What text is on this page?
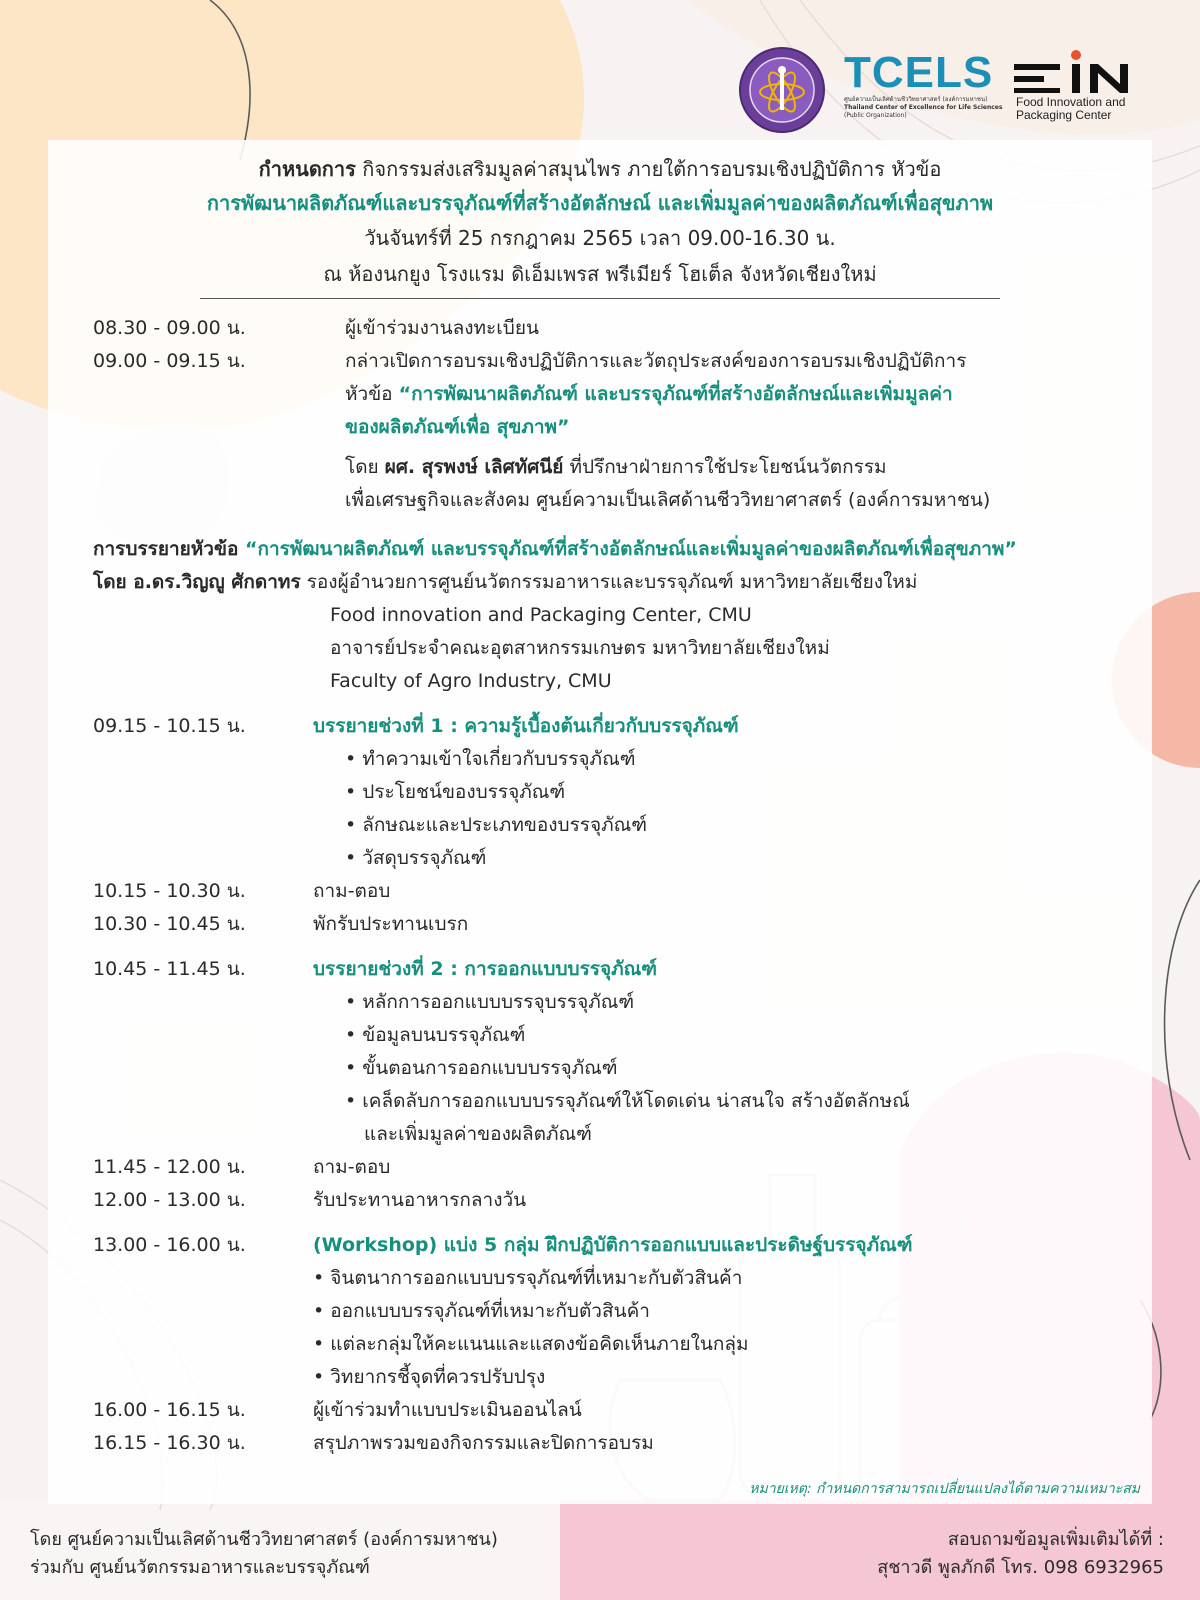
TCELS
ศูนย์ความเป็นเลิศด้านชีววิทยาศาสตร์ (องค์การมหาชน)
Thailand Center of Excellence for Life Sciences
(Public Organization)
Food Innovation and
Packaging Center
กำหนดการ กิจกรรมส่งเสริมมูลค่าสมุนไพร ภายใต้การอบรมเชิงปฏิบัติการ หัวข้อ
การพัฒนาผลิตภัณฑ์และบรรจุภัณฑ์ที่สร้างอัตลักษณ์ และเพิ่มมูลค่าของผลิตภัณฑ์เพื่อสุขภาพ
วันจันทร์ที่ 25 กรกฎาคม 2565 เวลา 09.00-16.30 น.
ณ ห้องนกยูง โรงแรม ดิเอ็มเพรส พรีเมียร์ โฮเต็ล จังหวัดเชียงใหม่
08.30 - 09.00 น.	ผู้เข้าร่วมงานลงทะเบียน
09.00 - 09.15 น.	กล่าวเปิดการอบรมเชิงปฏิบัติการและวัตถุประสงค์ของการอบรมเชิงปฏิบัติการ
หัวข้อ “การพัฒนาผลิตภัณฑ์ และบรรจุภัณฑ์ที่สร้างอัตลักษณ์และเพิ่มมูลค่า
ของผลิตภัณฑ์เพื่อ สุขภาพ”
โดย ผศ. สุรพงษ์ เลิศทัศนีย์ ที่ปรึกษาฝ่ายการใช้ประโยชน์นวัตกรรม
เพื่อเศรษฐกิจและสังคม ศูนย์ความเป็นเลิศด้านชีววิทยาศาสตร์ (องค์การมหาชน)
การบรรยายหัวข้อ “การพัฒนาผลิตภัณฑ์ และบรรจุภัณฑ์ที่สร้างอัตลักษณ์และเพิ่มมูลค่าของผลิตภัณฑ์เพื่อสุขภาพ”
โดย อ.ดร.วิญญู ศักดาทร รองผู้อำนวยการศูนย์นวัตกรรมอาหารและบรรจุภัณฑ์ มหาวิทยาลัยเชียงใหม่
Food innovation and Packaging Center, CMU
อาจารย์ประจำคณะอุตสาหกรรมเกษตร มหาวิทยาลัยเชียงใหม่
Faculty of Agro Industry, CMU
09.15 - 10.15 น.	บรรยายช่วงที่ 1 : ความรู้เบื้องต้นเกี่ยวกับบรรจุภัณฑ์
• ทำความเข้าใจเกี่ยวกับบรรจุภัณฑ์
• ประโยชน์ของบรรจุภัณฑ์
• ลักษณะและประเภทของบรรจุภัณฑ์
• วัสดุบรรจุภัณฑ์
10.15 - 10.30 น.	ถาม-ตอบ
10.30 - 10.45 น.	พักรับประทานเบรก
10.45 - 11.45 น.	บรรยายช่วงที่ 2 : การออกแบบบรรจุภัณฑ์
• หลักการออกแบบบรรจุบรรจุภัณฑ์
• ข้อมูลบนบรรจุภัณฑ์
• ขั้นตอนการออกแบบบรรจุภัณฑ์
• เคล็ดลับการออกแบบบรรจุภัณฑ์ให้โดดเด่น น่าสนใจ สร้างอัตลักษณ์
และเพิ่มมูลค่าของผลิตภัณฑ์
11.45 - 12.00 น.	ถาม-ตอบ
12.00 - 13.00 น.	รับประทานอาหารกลางวัน
13.00 - 16.00 น.	(Workshop) แบ่ง 5 กลุ่ม ฝึกปฏิบัติการออกแบบและประดิษฐ์บรรจุภัณฑ์
• จินตนาการออกแบบบรรจุภัณฑ์ที่เหมาะกับตัวสินค้า
• ออกแบบบรรจุภัณฑ์ที่เหมาะกับตัวสินค้า
• แต่ละกลุ่มให้คะแนนและแสดงข้อคิดเห็นภายในกลุ่ม
• วิทยากรชี้จุดที่ควรปรับปรุง
16.00 - 16.15 น.	ผู้เข้าร่วมทำแบบประเมินออนไลน์
16.15 - 16.30 น.	สรุปภาพรวมของกิจกรรมและปิดการอบรม
หมายเหตุ: กำหนดการสามารถเปลี่ยนแปลงได้ตามความเหมาะสม
โดย ศูนย์ความเป็นเลิศด้านชีววิทยาศาสตร์ (องค์การมหาชน)
ร่วมกับ ศูนย์นวัตกรรมอาหารและบรรจุภัณฑ์
สอบถามข้อมูลเพิ่มเติมได้ที่ :
สุชาวดี พูลภักดี โทร. 098 6932965
